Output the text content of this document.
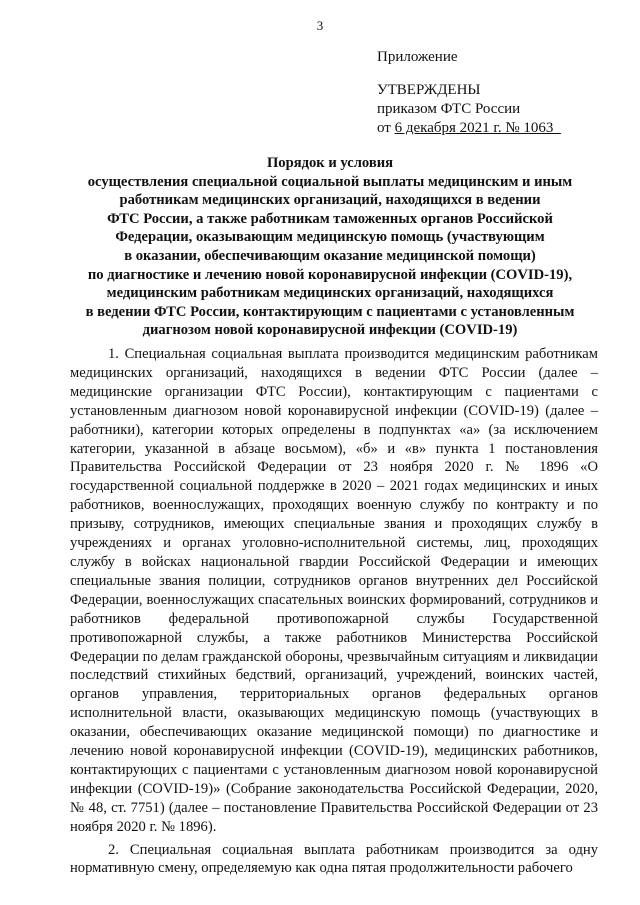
3
Приложение
УТВЕРЖДЕНЫ
приказом ФТС России
от 6 декабря 2021 г. № 1063
Порядок и условия
осуществления специальной социальной выплаты медицинским и иным
работникам медицинских организаций, находящихся в ведении
ФТС России, а также работникам таможенных органов Российской
Федерации, оказывающим медицинскую помощь (участвующим
в оказании, обеспечивающим оказание медицинской помощи)
по диагностике и лечению новой коронавирусной инфекции (COVID-19),
медицинским работникам медицинских организаций, находящихся
в ведении ФТС России, контактирующим с пациентами с установленным
диагнозом новой коронавирусной инфекции (COVID-19)

1. Специальная социальная выплата производится медицинским работникам медицинских организаций, находящихся в ведении ФТС России (далее – медицинские организации ФТС России), контактирующим с пациентами с установленным диагнозом новой коронавирусной инфекции (COVID-19) (далее – работники), категории которых определены в подпунктах «а» (за исключением категории, указанной в абзаце восьмом), «б» и «в» пункта 1 постановления Правительства Российской Федерации от 23 ноября 2020 г. № 1896 «О государственной социальной поддержке в 2020 – 2021 годах медицинских и иных работников, военнослужащих, проходящих военную службу по контракту и по призыву, сотрудников, имеющих специальные звания и проходящих службу в учреждениях и органах уголовно-исполнительной системы, лиц, проходящих службу в войсках национальной гвардии Российской Федерации и имеющих специальные звания полиции, сотрудников органов внутренних дел Российской Федерации, военнослужащих спасательных воинских формирований, сотрудников и работников федеральной противопожарной службы Государственной противопожарной службы, а также работников Министерства Российской Федерации по делам гражданской обороны, чрезвычайным ситуациям и ликвидации последствий стихийных бедствий, организаций, учреждений, воинских частей, органов управления, территориальных органов федеральных органов исполнительной власти, оказывающих медицинскую помощь (участвующих в оказании, обеспечивающих оказание медицинской помощи) по диагностике и лечению новой коронавирусной инфекции (COVID-19), медицинских работников, контактирующих с пациентами с установленным диагнозом новой коронавирусной инфекции (COVID-19)» (Собрание законодательства Российской Федерации, 2020, № 48, ст. 7751) (далее – постановление Правительства Российской Федерации от 23 ноября 2020 г. № 1896).

2. Специальная социальная выплата работникам производится за одну нормативную смену, определяемую как одна пятая продолжительности рабочего
